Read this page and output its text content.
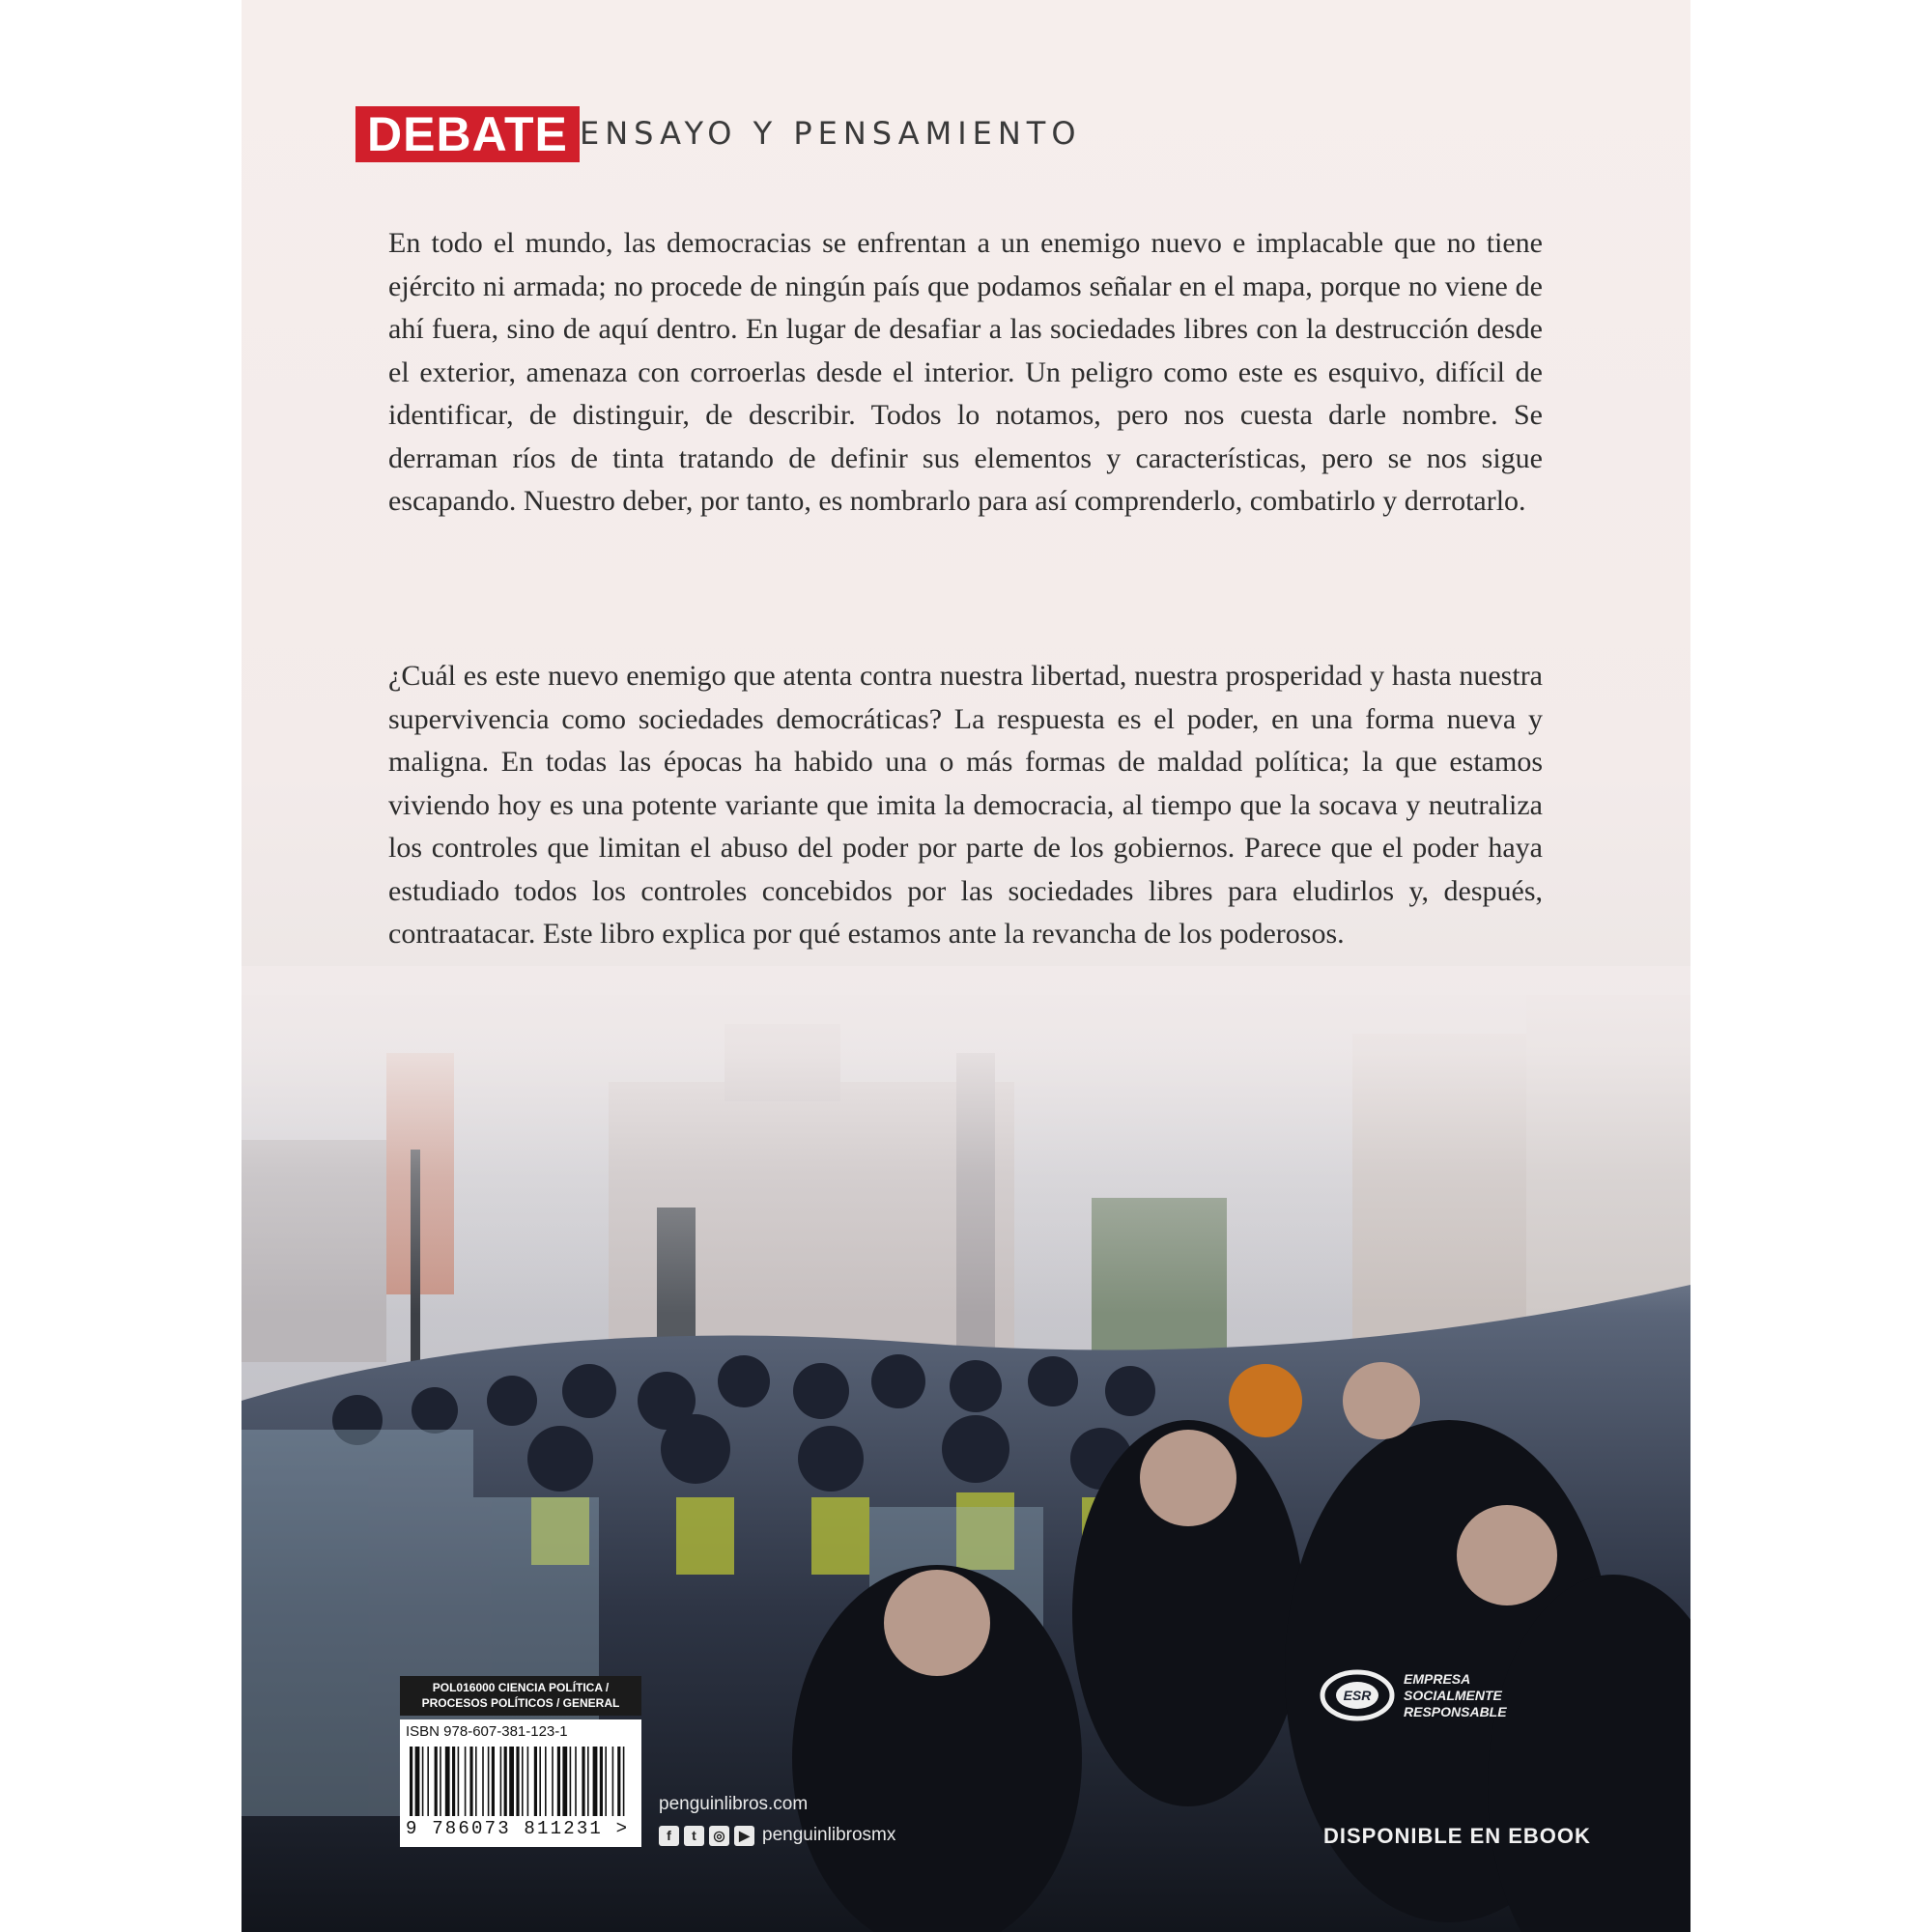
DEBATE ENSAYO Y PENSAMIENTO

En todo el mundo, las democracias se enfrentan a un enemigo nuevo e implacable que no tiene ejército ni armada; no procede de ningún país que podamos señalar en el mapa, porque no viene de ahí fuera, sino de aquí dentro. En lugar de desafiar a las sociedades libres con la destrucción desde el exterior, amenaza con corroerlas desde el interior. Un peligro como este es esquivo, difícil de identificar, de distinguir, de describir. Todos lo notamos, pero nos cuesta darle nombre. Se derraman ríos de tinta tratando de definir sus elementos y características, pero se nos sigue escapando. Nuestro deber, por tanto, es nombrarlo para así comprenderlo, combatirlo y derrotarlo.

¿Cuál es este nuevo enemigo que atenta contra nuestra libertad, nuestra prosperidad y hasta nuestra supervivencia como sociedades democráticas? La respuesta es el poder, en una forma nueva y maligna. En todas las épocas ha habido una o más formas de maldad política; la que estamos viviendo hoy es una potente variante que imita la democracia, al tiempo que la socava y neutraliza los controles que limitan el abuso del poder por parte de los gobiernos. Parece que el poder haya estudiado todos los controles concebidos por las sociedades libres para eludirlos y, después, contraatacar. Este libro explica por qué estamos ante la revancha de los poderosos.

POL016000 CIENCIA POLÍTICA /
PROCESOS POLÍTICOS / GENERAL
ISBN 978-607-381-123-1
9 786073 811231 >
penguinlibros.com
f	t	◎	▶ penguinlibrosmx
ESR
EMPRESA
SOCIALMENTE
RESPONSABLE
DISPONIBLE EN EBOOK
